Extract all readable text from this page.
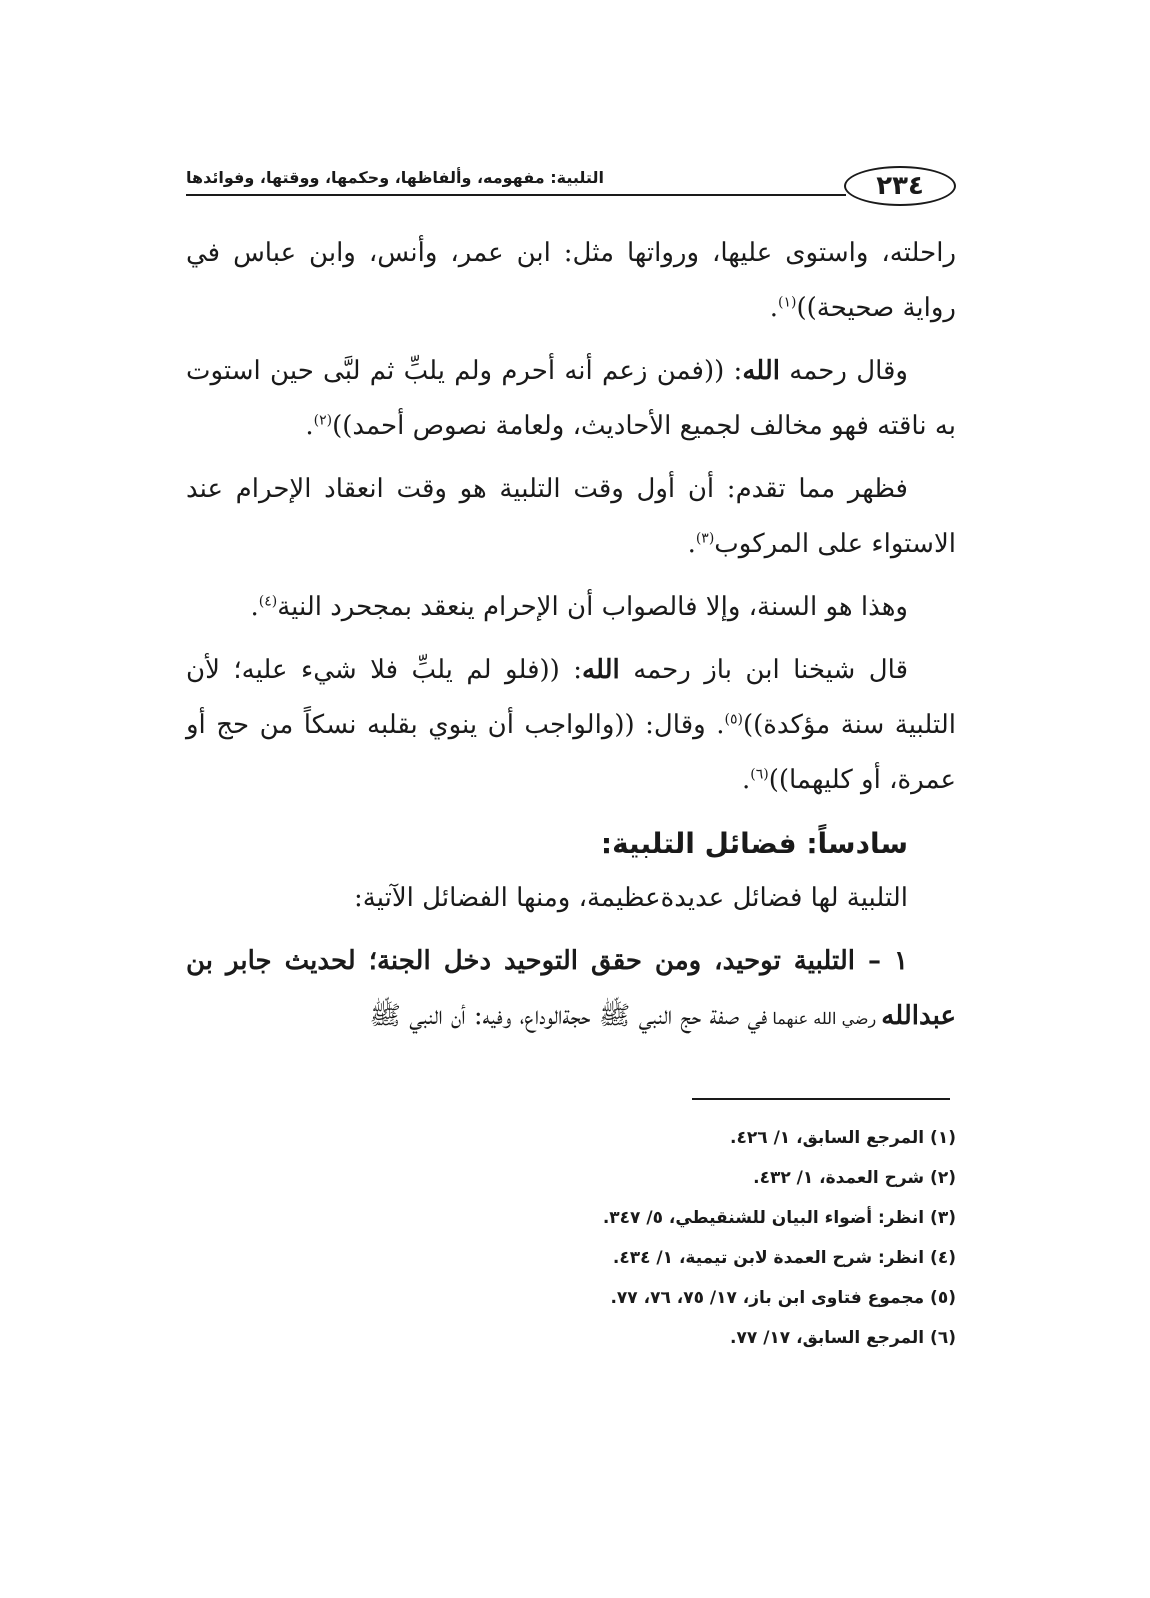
٢٣٤
التلبية: مفهومه، وألفاظها، وحكمها، ووقتها، وفوائدها

راحلته، واستوى عليها، ورواتها مثل: ابن عمر، وأنس، وابن عباس في رواية صحيحة))$^{(١)}$.

وقال رحمه الله: ((فمن زعم أنه أحرم ولم يلبِّ ثم لبَّى حين استوت به ناقته فهو مخالف لجميع الأحاديث، ولعامة نصوص أحمد))$^{(٢)}$.

فظهر مما تقدم: أن أول وقت التلبية هو وقت انعقاد الإحرام عند الاستواء على المركوب$^{(٣)}$.

وهذا هو السنة، وإلا فالصواب أن الإحرام ينعقد بمجحرد النية$^{(٤)}$.

قال شيخنا ابن باز رحمه الله: ((فلو لم يلبِّ فلا شيء عليه؛ لأن التلبية سنة مؤكدة))$^{(٥)}$. وقال: ((والواجب أن ينوي بقلبه نسكاً من حج أو عمرة، أو كليهما))$^{(٦)}$.

سادساً: فضائل التلبية:

التلبية لها فضائل عديدةعظيمة، ومنها الفضائل الآتية:

١ – التلبية توحيد، ومن حقق التوحيد دخل الجنة؛ لحديث جابر بن عبدالله رضي الله عنهما في صفة حج النبي ﷺ حجةالوداع، وفيه: أن النبي ﷺ

(١) المرجع السابق، ١/ ٤٢٦.

(٢) شرح العمدة، ١/ ٤٣٢.

(٣) انظر: أضواء البيان للشنقيطي، ٥/ ٣٤٧.

(٤) انظر: شرح العمدة لابن تيمية، ١/ ٤٣٤.

(٥) مجموع فتاوى ابن باز، ١٧/ ٧٥، ٧٦، ٧٧.

(٦) المرجع السابق، ١٧/ ٧٧.
